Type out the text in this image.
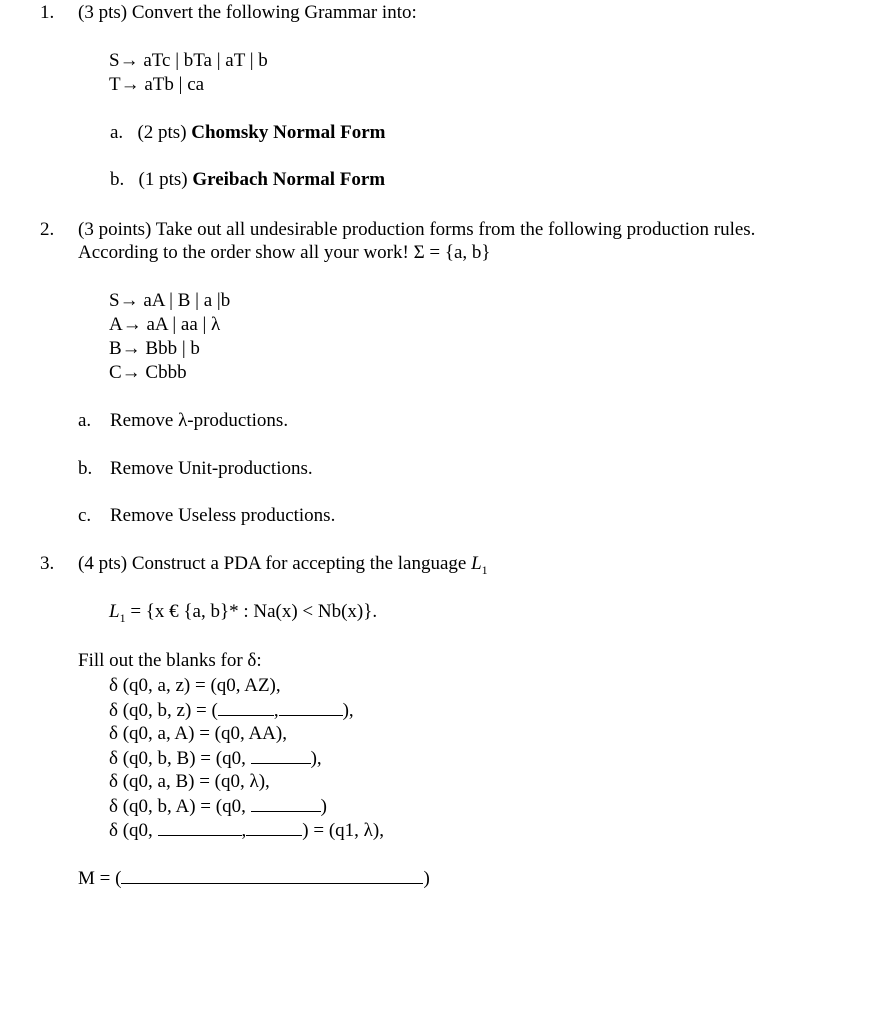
1. (3 pts) Convert the following Grammar into:
S→ aTc | bTa | aT | b
T→ aTb | ca
a. (2 pts) Chomsky Normal Form
b. (1 pts) Greibach Normal Form
2. (3 points) Take out all undesirable production forms from the following production rules.
According to the order show all your work! Σ = {a, b}
S→ aA | B | a |b
A→ aA | aa | λ
B→ Bbb | b
C→ Cbbb
a. Remove λ-productions.
b. Remove Unit-productions.
c. Remove Useless productions.
3. (4 pts) Construct a PDA for accepting the language $L_1$
$L_1 = \{x$ € {a, b}* : Na(x) < Nb(x)}.
Fill out the blanks for δ:
δ (q0, a, z) = (q0, AZ),
δ (q0, b, z) = (	,	),
δ (q0, a, A) = (q0, AA),
δ (q0, b, B) = (q0,	),
δ (q0, a, B) = (q0, λ),
δ (q0, b, A) = (q0,	)
δ (q0,	,	) = (q1, λ),
M = (	)
